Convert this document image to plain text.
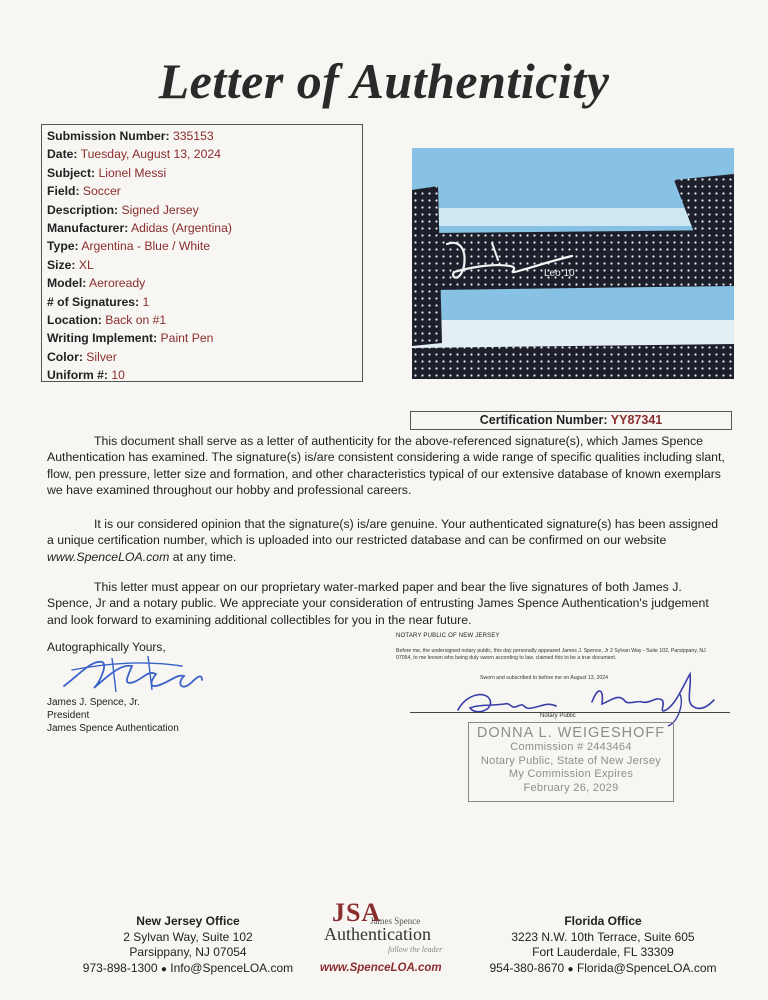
Letter of Authenticity
Submission Number: 335153
Date: Tuesday, August 13, 2024
Subject: Lionel Messi
Field: Soccer
Description: Signed Jersey
Manufacturer: Adidas (Argentina)
Type: Argentina - Blue / White
Size: XL
Model: Aeroready
# of Signatures: 1
Location: Back on #1
Writing Implement: Paint Pen
Color: Silver
Uniform #: 10
Leo 10
Certification Number: YY87341
This document shall serve as a letter of authenticity for the above-referenced signature(s), which James Spence Authentication has examined. The signature(s) is/are consistent considering a wide range of specific qualities including slant, flow, pen pressure, letter size and formation, and other characteristics typical of our extensive database of known exemplars we have examined throughout our hobby and professional careers.
It is our considered opinion that the signature(s) is/are genuine. Your authenticated signature(s) has been assigned a unique certification number, which is uploaded into our restricted database and can be confirmed on our website www.SpenceLOA.com at any time.
This letter must appear on our proprietary water-marked paper and bear the live signatures of both James J. Spence, Jr and a notary public. We appreciate your consideration of entrusting James Spence Authentication's judgement and look forward to examining additional collectibles for you in the near future.
Autographically Yours,
James J. Spence, Jr.
President
James Spence Authentication
NOTARY PUBLIC OF NEW JERSEY
Before me, the undersigned notary public, this day personally appeared James J. Spence, Jr 2 Sylvan Way - Suite 102, Parsippany, NJ 07054, to me known who being duly sworn according to law, claimed this to be a true document.
Sworn and subscribed to before me on August 13, 2024
Notary Public
DONNA L. WEIGESHOFF
Commission # 2443464
Notary Public, State of New Jersey
My Commission Expires
February 26, 2029
New Jersey Office
2 Sylvan Way, Suite 102
Parsippany, NJ 07054
973-898-1300 ● Info@SpenceLOA.com
JSA
James Spence
Authentication
follow the leader
www.SpenceLOA.com
Florida Office
3223 N.W. 10th Terrace, Suite 605
Fort Lauderdale, FL 33309
954-380-8670 ● Florida@SpenceLOA.com
